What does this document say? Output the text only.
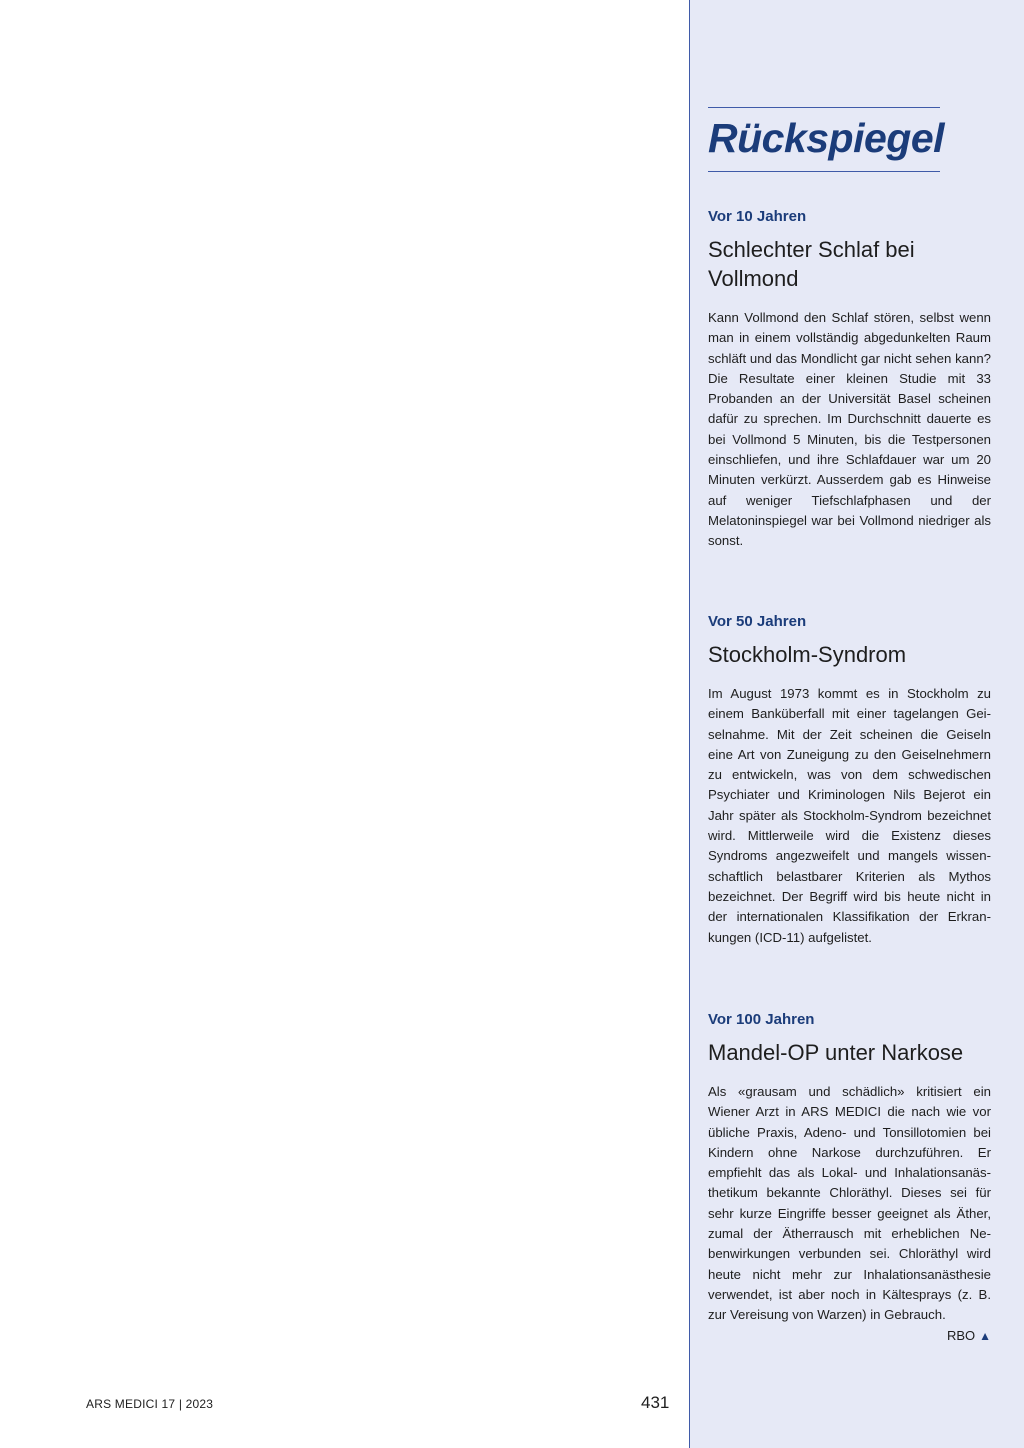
Rückspiegel

Vor 10 Jahren

Schlechter Schlaf bei Vollmond

Kann Vollmond den Schlaf stören, selbst wenn man in einem vollständig abgedunkelten Raum schläft und das Mondlicht gar nicht sehen kann? Die Resultate einer kleinen Studie mit 33 Probanden an der Universität Basel scheinen dafür zu sprechen. Im Durchschnitt dauerte es bei Vollmond 5 Minuten, bis die Testpersonen einschliefen, und ihre Schlafdauer war um 20 Minuten verkürzt. Ausserdem gab es Hinweise auf weniger Tiefschlafphasen und der Melatoninspiegel war bei Vollmond niedriger als sonst.

Vor 50 Jahren

Stockholm-Syndrom

Im August 1973 kommt es in Stockholm zu einem Banküberfall mit einer tagelangen Geiselnahme. Mit der Zeit scheinen die Geiseln eine Art von Zuneigung zu den Geiselnehmern zu entwickeln, was von dem schwedischen Psychiater und Kriminologen Nils Bejerot ein Jahr später als Stockholm-Syndrom bezeichnet wird. Mittlerweile wird die Existenz dieses Syndroms angezweifelt und mangels wissenschaftlich belastbarer Kriterien als Mythos bezeichnet. Der Begriff wird bis heute nicht in der internationalen Klassifikation der Erkrankungen (ICD-11) aufgelistet.

Vor 100 Jahren

Mandel-OP unter Narkose

Als «grausam und schädlich» kritisiert ein Wiener Arzt in ARS MEDICI die nach wie vor übliche Praxis, Adeno- und Tonsillotomien bei Kindern ohne Narkose durchzuführen. Er empfiehlt das als Lokal- und Inhalationsanästhetikum bekannte Chloräthyl. Dieses sei für sehr kurze Eingriffe besser geeignet als Äther, zumal der Ätherrausch mit erheblichen Nebenwirkungen verbunden sei. Chloräthyl wird heute nicht mehr zur Inhalationsanästhesie verwendet, ist aber noch in Kältesprays (z. B. zur Vereisung von Warzen) in Gebrauch.

RBO ▲

ARS MEDICI 17 | 2023	431
